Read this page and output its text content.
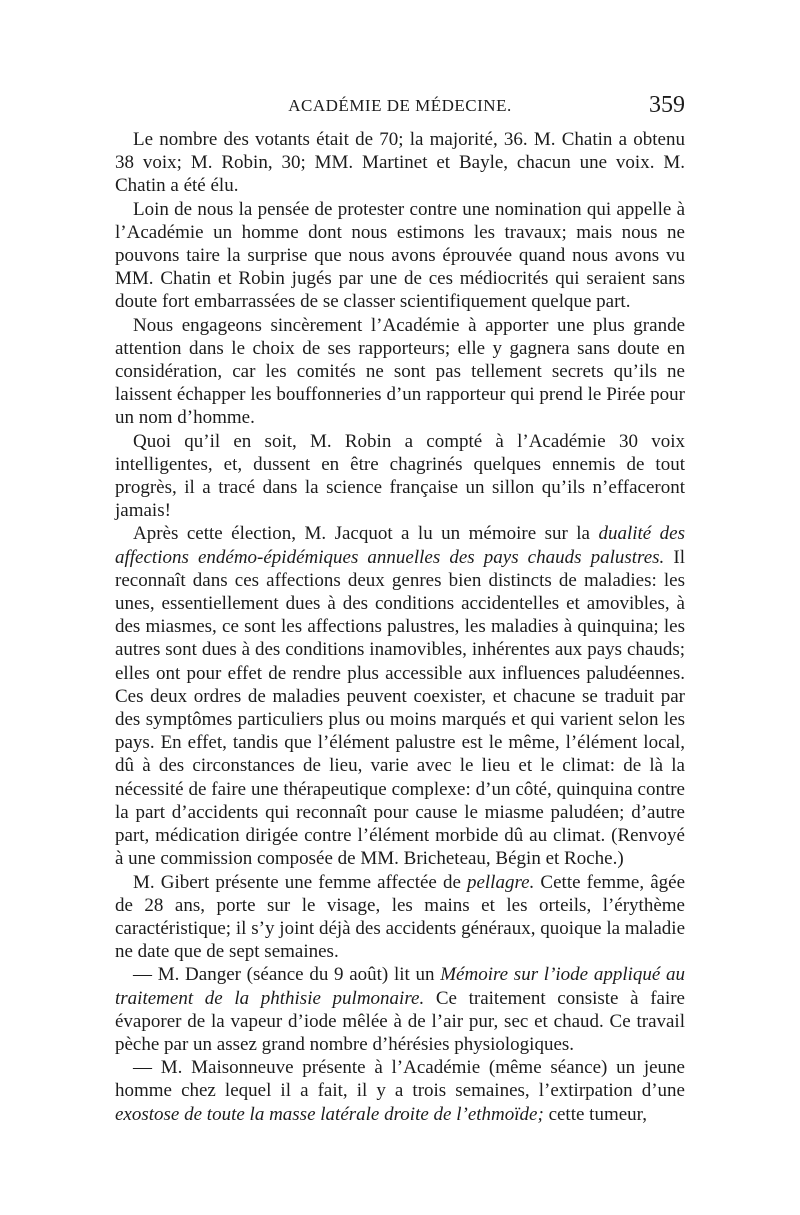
ACADÉMIE DE MÉDECINE.	359

Le nombre des votants était de 70; la majorité, 36. M. Chatin a obtenu 38 voix; M. Robin, 30; MM. Martinet et Bayle, chacun une voix. M. Chatin a été élu.

Loin de nous la pensée de protester contre une nomination qui appelle à l’Académie un homme dont nous estimons les travaux; mais nous ne pouvons taire la surprise que nous avons éprouvée quand nous avons vu MM. Chatin et Robin jugés par une de ces médiocrités qui seraient sans doute fort embarrassées de se classer scientifiquement quelque part.

Nous engageons sincèrement l’Académie à apporter une plus grande attention dans le choix de ses rapporteurs; elle y gagnera sans doute en considération, car les comités ne sont pas tellement secrets qu’ils ne laissent échapper les bouffonneries d’un rapporteur qui prend le Pirée pour un nom d’homme.

Quoi qu’il en soit, M. Robin a compté à l’Académie 30 voix intelligentes, et, dussent en être chagrinés quelques ennemis de tout progrès, il a tracé dans la science française un sillon qu’ils n’effaceront jamais!

Après cette élection, M. Jacquot a lu un mémoire sur la dualité des affections endémo-épidémiques annuelles des pays chauds palustres. Il reconnaît dans ces affections deux genres bien distincts de maladies: les unes, essentiellement dues à des conditions accidentelles et amovibles, à des miasmes, ce sont les affections palustres, les maladies à quinquina; les autres sont dues à des conditions inamovibles, inhérentes aux pays chauds; elles ont pour effet de rendre plus accessible aux influences paludéennes. Ces deux ordres de maladies peuvent coexister, et chacune se traduit par des symptômes particuliers plus ou moins marqués et qui varient selon les pays. En effet, tandis que l’élément palustre est le même, l’élément local, dû à des circonstances de lieu, varie avec le lieu et le climat: de là la nécessité de faire une thérapeutique complexe: d’un côté, quinquina contre la part d’accidents qui reconnaît pour cause le miasme paludéen; d’autre part, médication dirigée contre l’élément morbide dû au climat. (Renvoyé à une commission composée de MM. Bricheteau, Bégin et Roche.)

M. Gibert présente une femme affectée de pellagre. Cette femme, âgée de 28 ans, porte sur le visage, les mains et les orteils, l’érythème caractéristique; il s’y joint déjà des accidents généraux, quoique la maladie ne date que de sept semaines.

— M. Danger (séance du 9 août) lit un Mémoire sur l’iode appliqué au traitement de la phthisie pulmonaire. Ce traitement consiste à faire évaporer de la vapeur d’iode mêlée à de l’air pur, sec et chaud. Ce travail pèche par un assez grand nombre d’hérésies physiologiques.

— M. Maisonneuve présente à l’Académie (même séance) un jeune homme chez lequel il a fait, il y a trois semaines, l’extirpation d’une exostose de toute la masse latérale droite de l’ethmoïde; cette tumeur,
